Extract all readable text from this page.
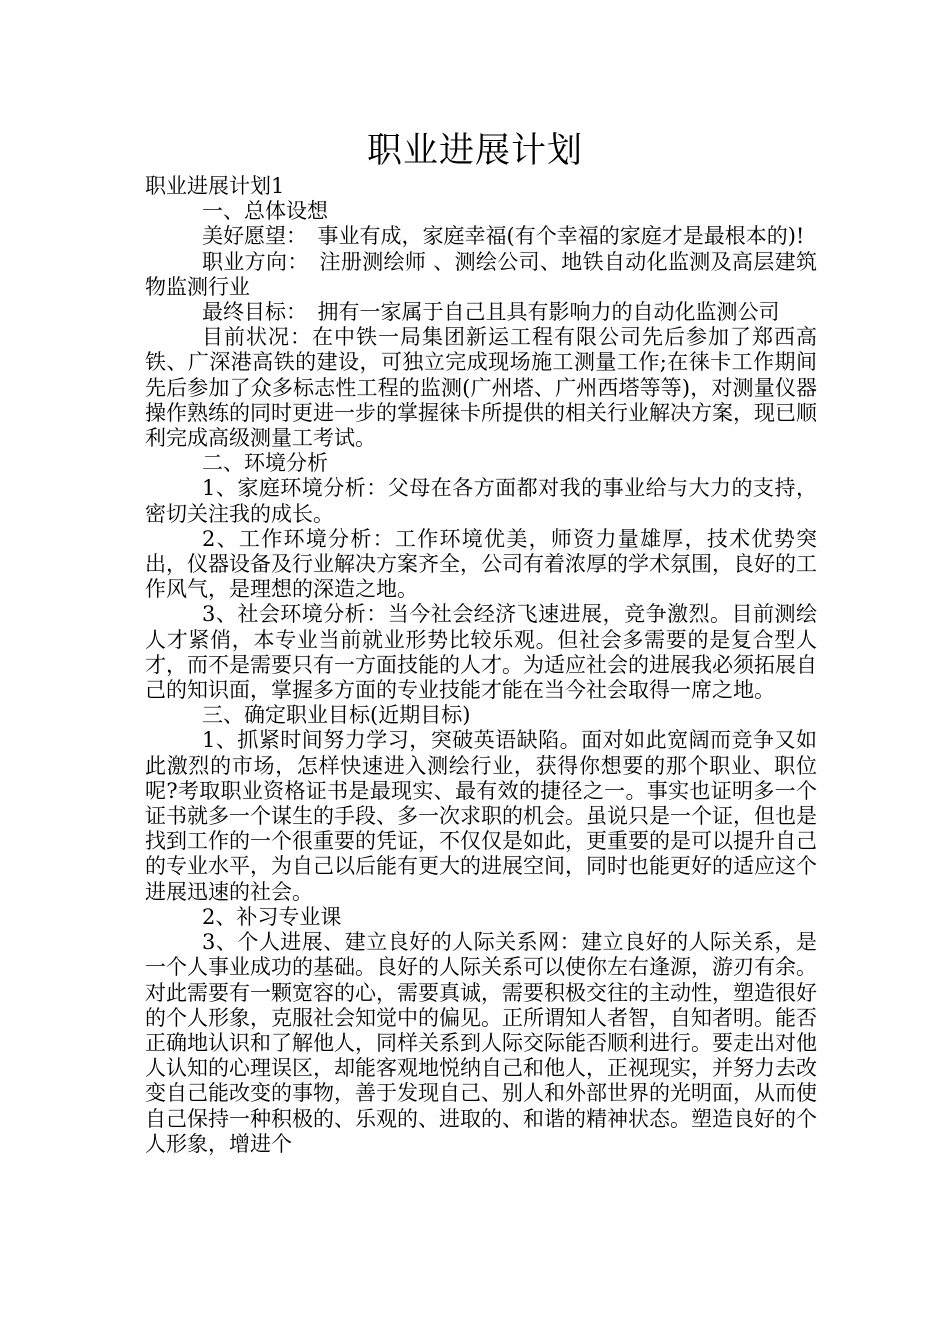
职业进展计划

职业进展计划1

一、总体设想

美好愿望：　事业有成，家庭幸福(有个幸福的家庭才是最根本的)!

职业方向：　注册测绘师 、测绘公司、地铁自动化监测及高层建筑物监测行业

最终目标：　拥有一家属于自己且具有影响力的自动化监测公司

目前状况：在中铁一局集团新运工程有限公司先后参加了郑西高铁、广深港高铁的建设，可独立完成现场施工测量工作;在徕卡工作期间先后参加了众多标志性工程的监测(广州塔、广州西塔等等)，对测量仪器操作熟练的同时更进一步的掌握徕卡所提供的相关行业解决方案，现已顺利完成高级测量工考试。

二、环境分析

1、家庭环境分析：父母在各方面都对我的事业给与大力的支持，密切关注我的成长。

2、工作环境分析：工作环境优美，师资力量雄厚，技术优势突出，仪器设备及行业解决方案齐全，公司有着浓厚的学术氛围，良好的工作风气，是理想的深造之地。

3、社会环境分析：当今社会经济飞速进展，竞争激烈。目前测绘人才紧俏，本专业当前就业形势比较乐观。但社会多需要的是复合型人才，而不是需要只有一方面技能的人才。为适应社会的进展我必须拓展自己的知识面，掌握多方面的专业技能才能在当今社会取得一席之地。

三、确定职业目标(近期目标)

1、抓紧时间努力学习，突破英语缺陷。面对如此宽阔而竞争又如此激烈的市场，怎样快速进入测绘行业，获得你想要的那个职业、职位呢?考取职业资格证书是最现实、最有效的捷径之一。事实也证明多一个证书就多一个谋生的手段、多一次求职的机会。虽说只是一个证，但也是找到工作的一个很重要的凭证，不仅仅是如此，更重要的是可以提升自己的专业水平，为自己以后能有更大的进展空间，同时也能更好的适应这个进展迅速的社会。

2、补习专业课

3、个人进展、建立良好的人际关系网：建立良好的人际关系，是一个人事业成功的基础。良好的人际关系可以使你左右逢源，游刃有余。对此需要有一颗宽容的心，需要真诚，需要积极交往的主动性，塑造很好的个人形象，克服社会知觉中的偏见。正所谓知人者智，自知者明。能否正确地认识和了解他人，同样关系到人际交际能否顺利进行。要走出对他人认知的心理误区，却能客观地悦纳自己和他人，正视现实，并努力去改变自己能改变的事物，善于发现自己、别人和外部世界的光明面，从而使自己保持一种积极的、乐观的、进取的、和谐的精神状态。塑造良好的个人形象，增进个
